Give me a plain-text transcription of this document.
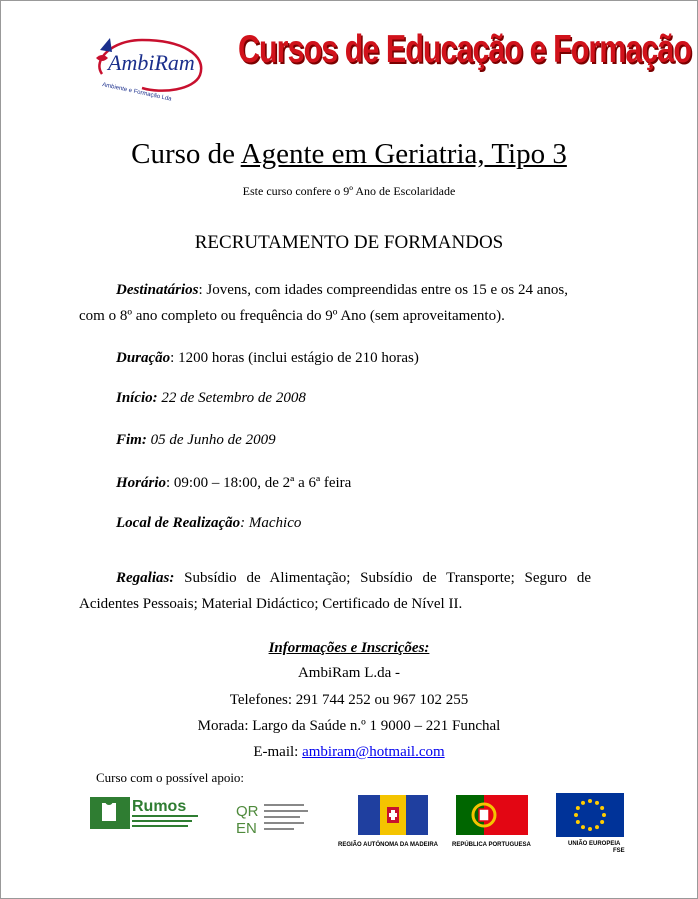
AmbiRam
Ambiente e Formação Lda
Cursos de Educação e Formação
Curso de Agente em Geriatria, Tipo 3
Este curso confere o 9º Ano de Escolaridade
RECRUTAMENTO DE FORMANDOS

Destinatários: Jovens, com idades compreendidas entre os 15 e os 24 anos, com o 8º ano completo ou frequência do 9º Ano (sem aproveitamento).

Duração: 1200 horas (inclui estágio de 210 horas)
Início: 22 de Setembro de 2008
Fim: 05 de Junho de 2009
Horário: 09:00 – 18:00, de 2ª a 6ª feira
Local de Realização: Machico

Regalias: Subsídio de Alimentação; Subsídio de Transporte; Seguro de Acidentes Pessoais; Material Didáctico; Certificado de Nível II.

Informações e Inscrições:
AmbiRam L.da -
Telefones: 291 744 252 ou 967 102 255
Morada: Largo da Saúde n.º 1 9000 – 221 Funchal
E-mail: ambiram@hotmail.com
Curso com o possível apoio:
Rumos	QR
EN
REGIÃO AUTÓNOMA DA MADEIRA REPÚBLICA PORTUGUESA	UNIÃO EUROPEIA
FSE
